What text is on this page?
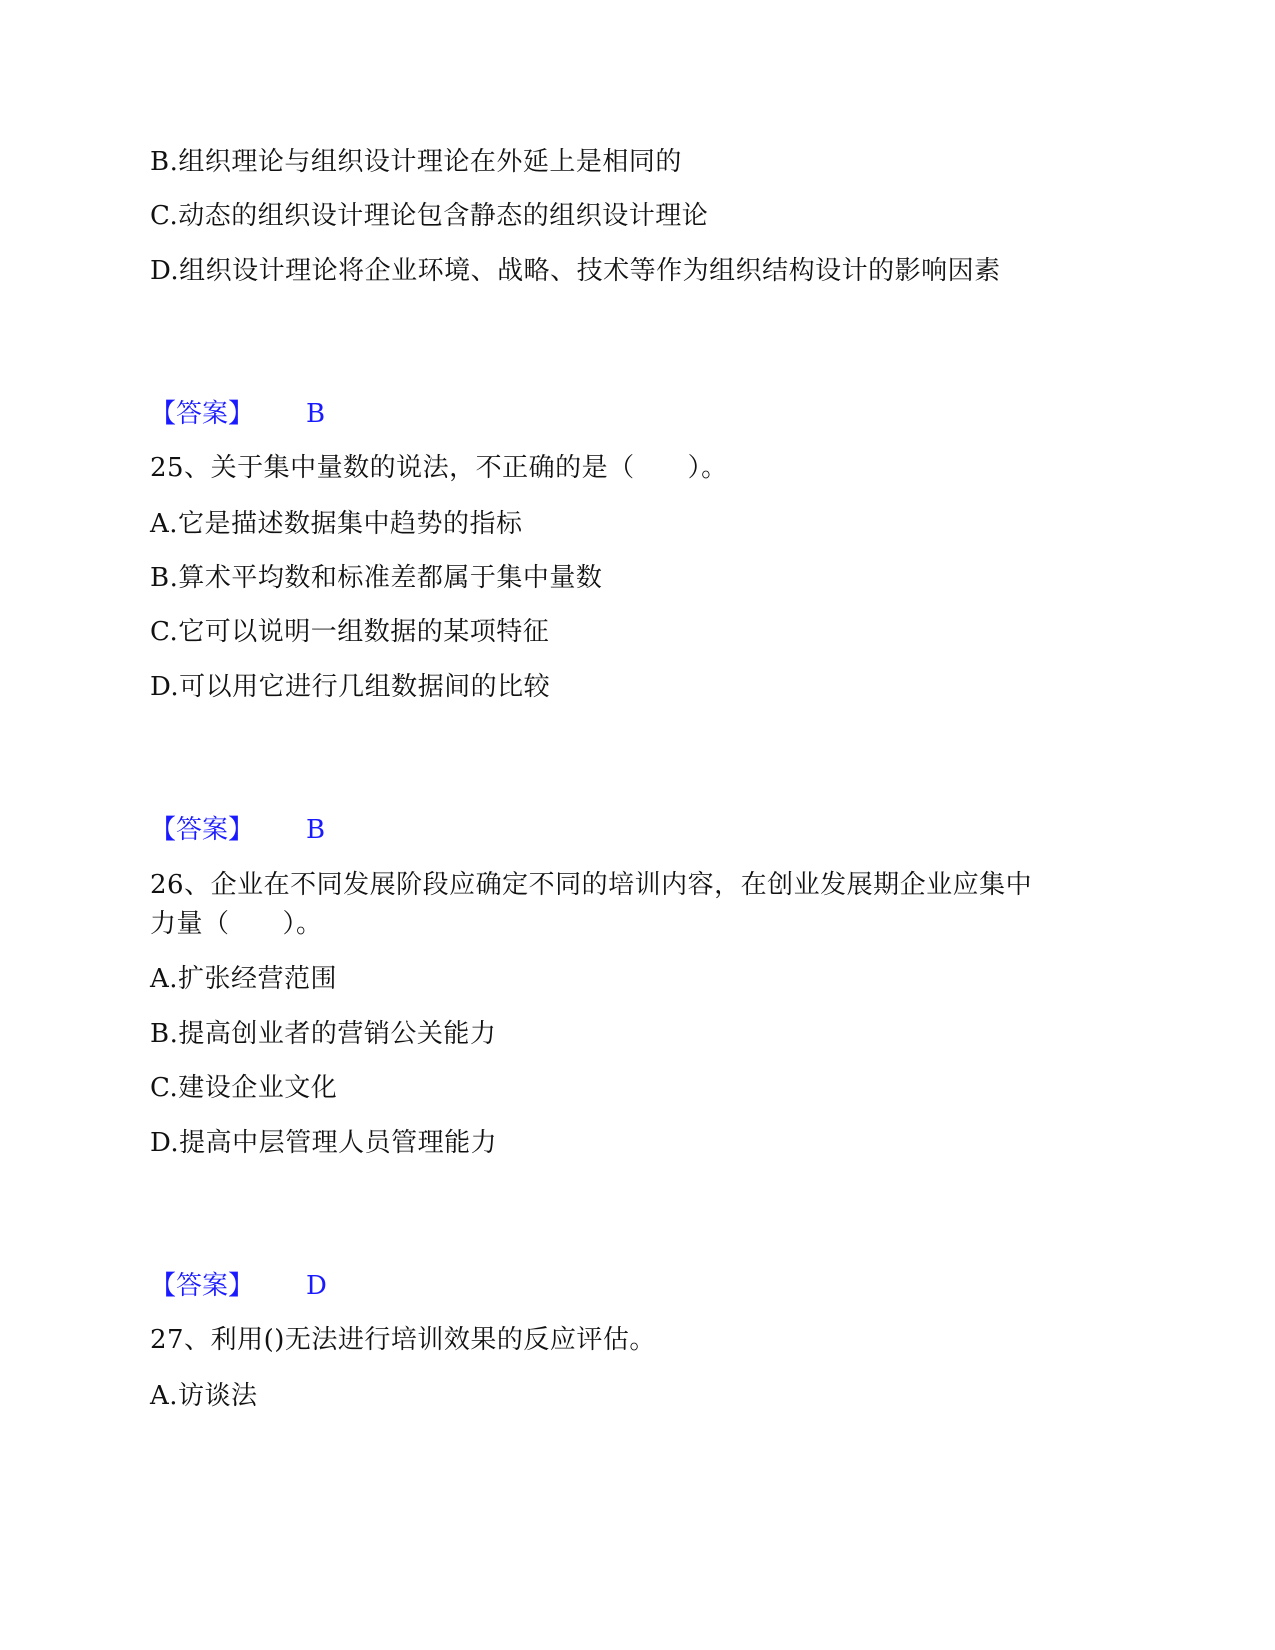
B.组织理论与组织设计理论在外延上是相同的
C.动态的组织设计理论包含静态的组织设计理论
D.组织设计理论将企业环境、战略、技术等作为组织结构设计的影响因素
【答案】 B
25、关于集中量数的说法，不正确的是（　　）。
A.它是描述数据集中趋势的指标
B.算术平均数和标准差都属于集中量数
C.它可以说明一组数据的某项特征
D.可以用它进行几组数据间的比较
【答案】 B
26、企业在不同发展阶段应确定不同的培训内容，在创业发展期企业应集中
力量（　　）。
A.扩张经营范围
B.提高创业者的营销公关能力
C.建设企业文化
D.提高中层管理人员管理能力
【答案】 D
27、利用()无法进行培训效果的反应评估。
A.访谈法
